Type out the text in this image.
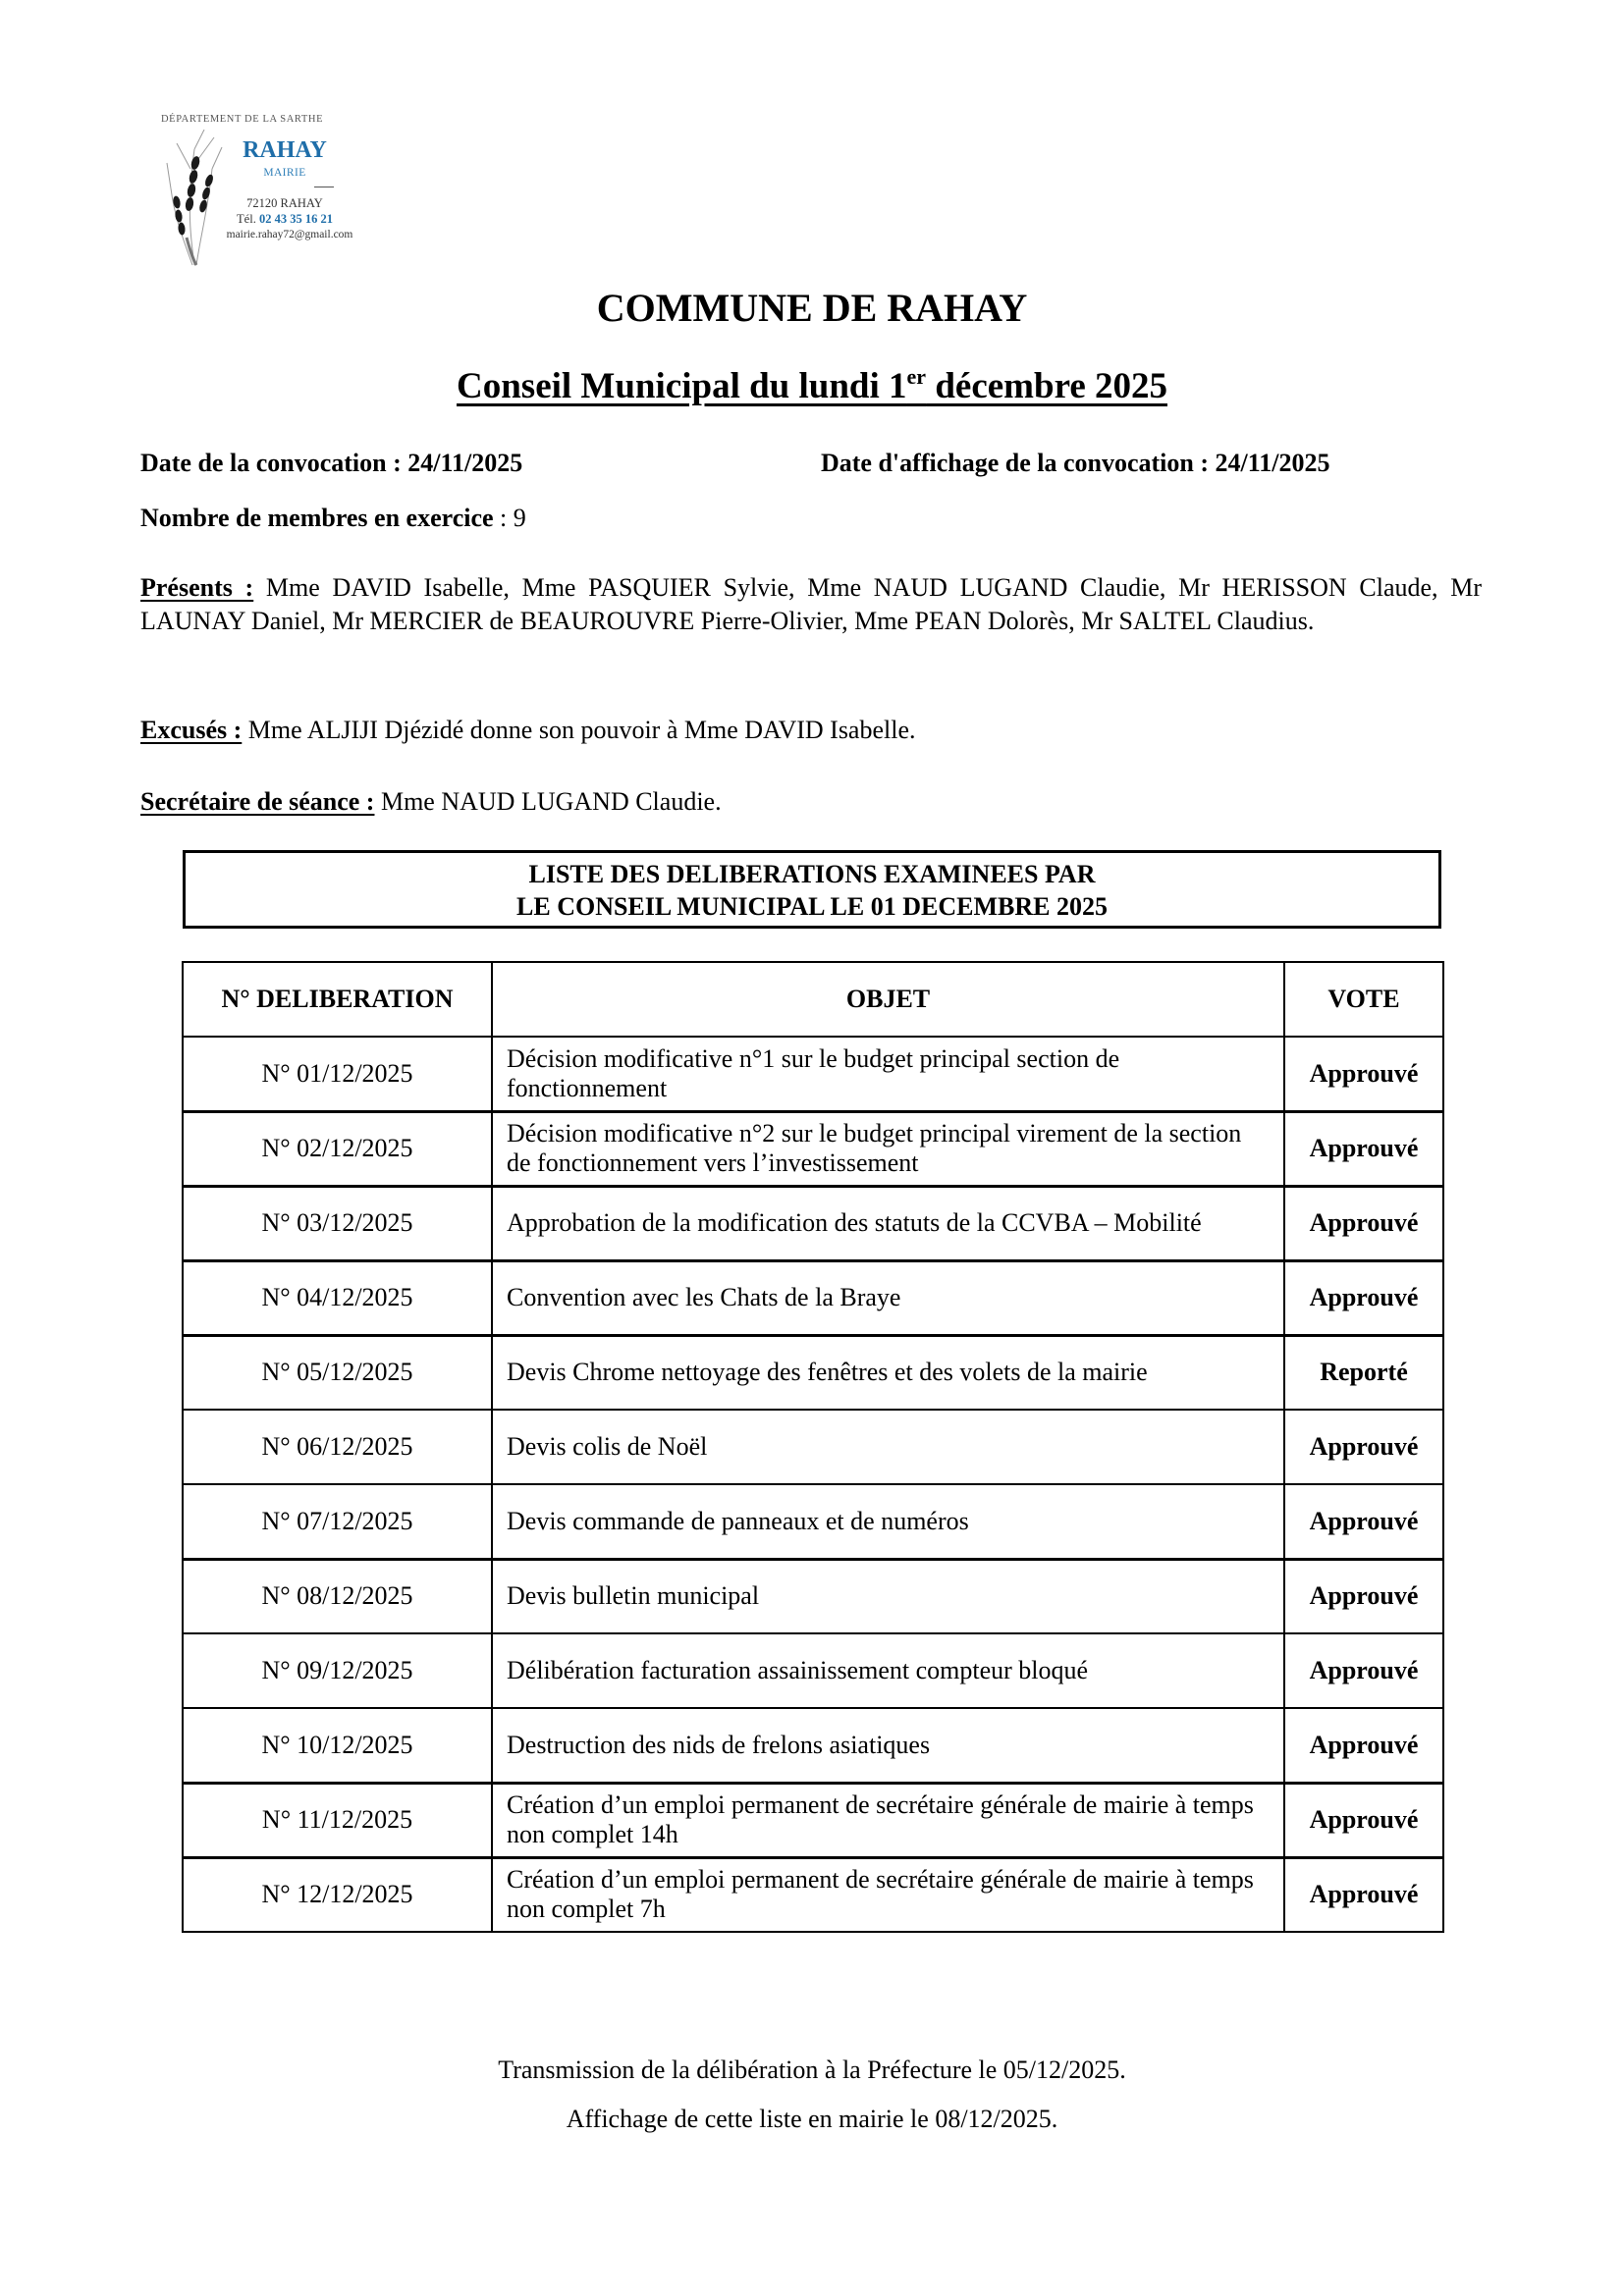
DÉPARTEMENT DE LA SARTHE
RAHAY
MAIRIE
72120 RAHAY
Tél. 02 43 35 16 21
mairie.rahay72@gmail.com
COMMUNE DE RAHAY
Conseil Municipal du lundi 1er décembre 2025
Date de la convocation : 24/11/2025	Date d'affichage de la convocation : 24/11/2025
Nombre de membres en exercice : 9
Présents : Mme DAVID Isabelle, Mme PASQUIER Sylvie, Mme NAUD LUGAND Claudie, Mr HERISSON Claude, Mr LAUNAY Daniel, Mr MERCIER de BEAUROUVRE Pierre-Olivier, Mme PEAN Dolorès, Mr SALTEL Claudius.
Excusés : Mme ALJIJI Djézidé donne son pouvoir à Mme DAVID Isabelle.
Secrétaire de séance : Mme NAUD LUGAND Claudie.
LISTE DES DELIBERATIONS EXAMINEES PAR
LE CONSEIL MUNICIPAL LE 01 DECEMBRE 2025
N° DELIBERATION	OBJET	VOTE
N° 01/12/2025	Décision modificative n°1 sur le budget principal section de fonctionnement	Approuvé
N° 02/12/2025	Décision modificative n°2 sur le budget principal virement de la section de fonctionnement vers l’investissement	Approuvé
N° 03/12/2025	Approbation de la modification des statuts de la CCVBA – Mobilité	Approuvé
N° 04/12/2025	Convention avec les Chats de la Braye	Approuvé
N° 05/12/2025	Devis Chrome nettoyage des fenêtres et des volets de la mairie	Reporté
N° 06/12/2025	Devis colis de Noël	Approuvé
N° 07/12/2025	Devis commande de panneaux et de numéros	Approuvé
N° 08/12/2025	Devis bulletin municipal	Approuvé
N° 09/12/2025	Délibération facturation assainissement compteur bloqué	Approuvé
N° 10/12/2025	Destruction des nids de frelons asiatiques	Approuvé
N° 11/12/2025	Création d’un emploi permanent de secrétaire générale de mairie à temps non complet 14h	Approuvé
N° 12/12/2025	Création d’un emploi permanent de secrétaire générale de mairie à temps non complet 7h	Approuvé
Transmission de la délibération à la Préfecture le 05/12/2025.
Affichage de cette liste en mairie le 08/12/2025.
